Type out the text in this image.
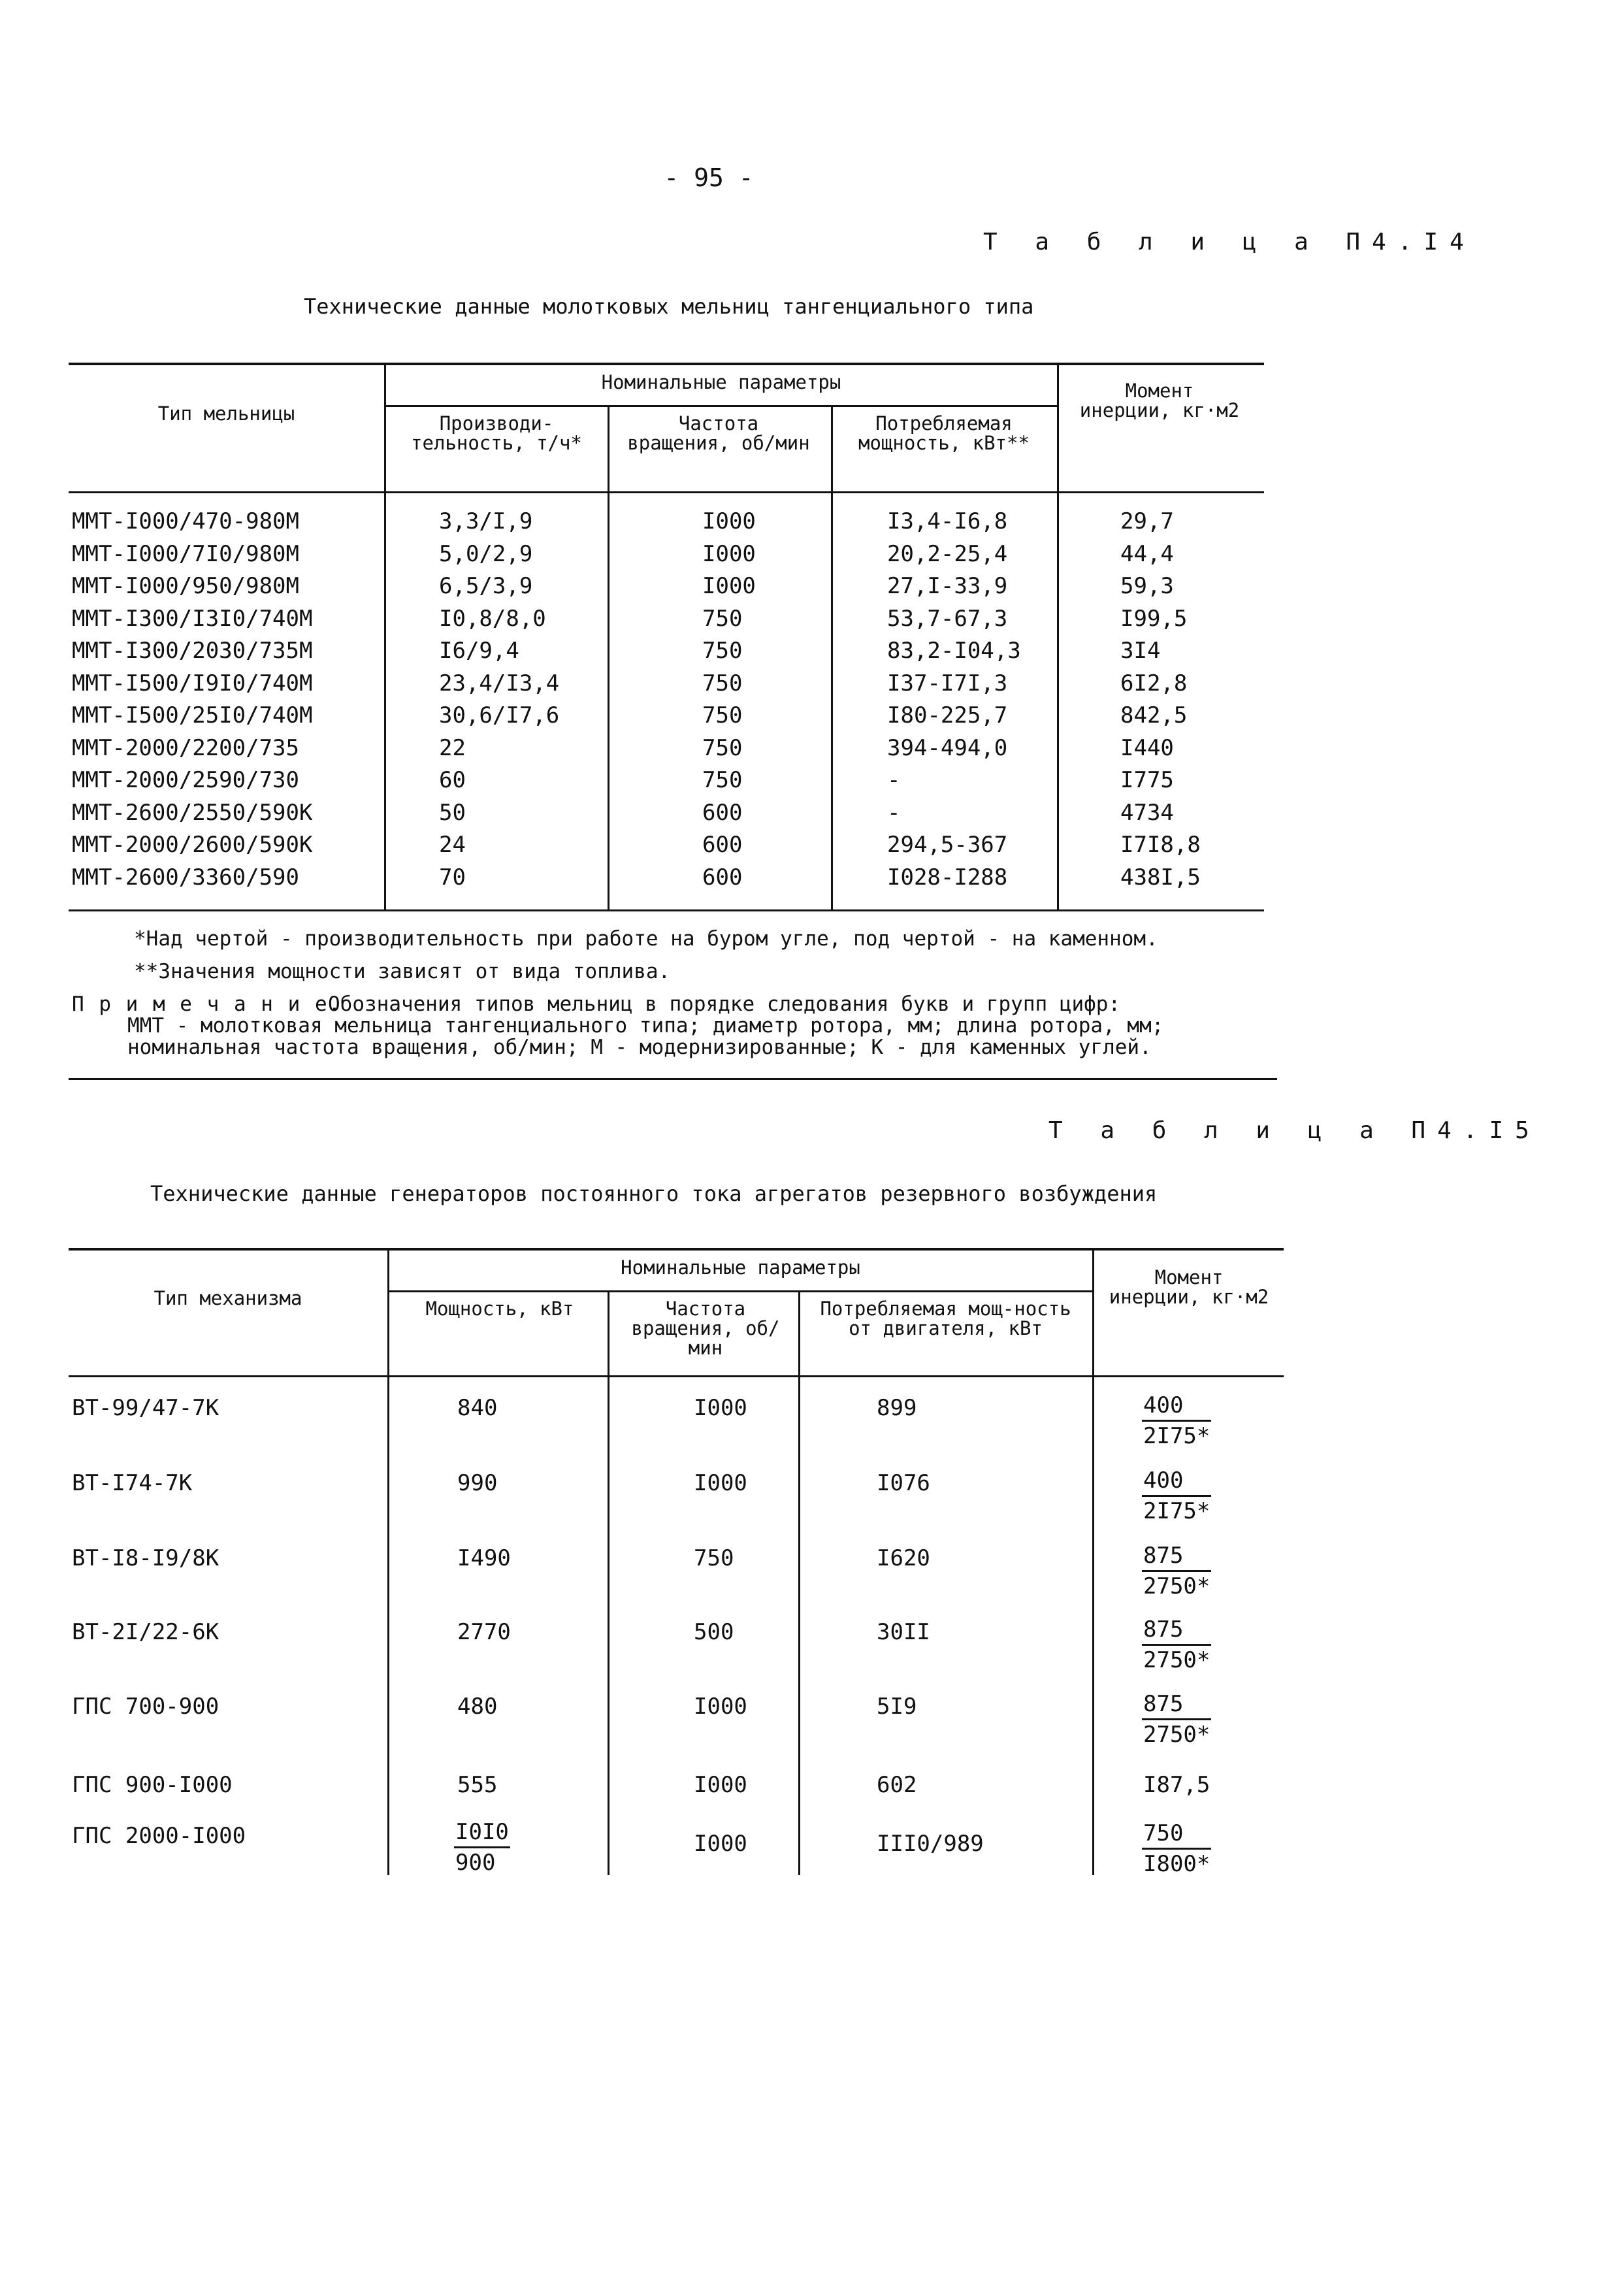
- 95 -
Т а б л и ц а П4.I4
Технические данные молотковых мельниц тангенциального типа
Тип мельницы
Номинальные параметры
Производи-тельность, т/ч*
Частота вращения, об/мин
Потребляемая мощность, кВт**
Момент инерции, кг·м2
ММТ-I000/470-980М	3,3/I,9	I000	I3,4-I6,8	29,7
ММТ-I000/7I0/980М	5,0/2,9	I000	20,2-25,4	44,4
ММТ-I000/950/980М	6,5/3,9	I000	27,I-33,9	59,3
ММТ-I300/I3I0/740М	I0,8/8,0	750	53,7-67,3	I99,5
ММТ-I300/2030/735М	I6/9,4	750	83,2-I04,3	3I4
ММТ-I500/I9I0/740М	23,4/I3,4	750	I37-I7I,3	6I2,8
ММТ-I500/25I0/740М	30,6/I7,6	750	I80-225,7	842,5
ММТ-2000/2200/735	22	750	394-494,0	I440
ММТ-2000/2590/730	60	750	-	I775
ММТ-2600/2550/590К	50	600	-	4734
ММТ-2000/2600/590К	24	600	294,5-367	I7I8,8
ММТ-2600/3360/590	70	600	I028-I288	438I,5
*Над чертой - производительность при работе на буром угле, под чертой - на каменном.
**Значения мощности зависят от вида топлива.
П р и м е ч а н и е.
Обозначения типов мельниц в порядке следования букв и групп цифр:
ММТ - молотковая мельница тангенциального типа; диаметр ротора, мм; длина ротора, мм;
номинальная частота вращения, об/мин; М - модернизированные; К - для каменных углей.
Т а б л и ц а П4.I5
Технические данные генераторов постоянного тока агрегатов резервного возбуждения
Тип механизма
Номинальные параметры
Мощность, кВт	Частота вращения, об/мин
Потребляемая мощ-ность от двигателя, кВт
Момент инерции, кг·м2
ВТ-99/47-7К	840	I000	899	$\frac{400}{2I75*}$
ВТ-I74-7К	990	I000	I076	$\frac{400}{2I75*}$
ВТ-I8-I9/8К	I490	750	I620	$\frac{875}{2750*}$
ВТ-2I/22-6К	2770	500	30II	$\frac{875}{2750*}$
ГПС 700-900	480	I000	5I9	$\frac{875}{2750*}$
ГПС 900-I000	555	I000	602	I87,5
ГПС 2000-I000	$\frac{I0I0}{900}$	I000	III0/989	$\frac{750}{I800*}$
